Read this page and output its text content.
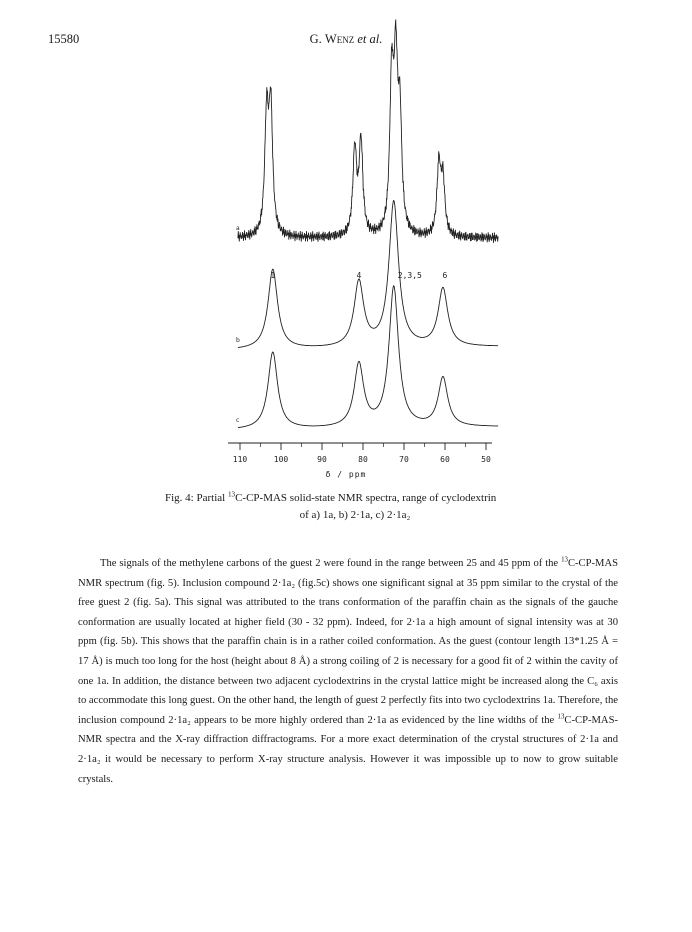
15580	G. Wenz et al.
a
b
c
1	4	2,3,5	6
110	100	90	80	70	60	50
δ / ppm
Fig. 4: Partial $^{13}$C-CP-MAS solid-state NMR spectra, range of cyclodextrin
of a) 1a, b) 2·1a, c) 2·1a₂
The signals of the methylene carbons of the guest 2 were found in the range between 25 and 45 ppm of the $^{13}$C-CP-MAS NMR spectrum (fig. 5). Inclusion compound 2·1a₂ (fig.5c) shows one significant signal at 35 ppm similar to the crystal of the free guest 2 (fig. 5a). This signal was attributed to the trans conformation of the paraffin chain as the signals of the gauche conformation are usually located at higher field (30 - 32 ppm). Indeed, for 2·1a a high amount of signal intensity was at 30 ppm (fig. 5b). This shows that the paraffin chain is in a rather coiled conformation. As the guest (contour length 13*1.25 Å = 17 Å) is much too long for the host (height about 8 Å) a strong coiling of 2 is necessary for a good fit of 2 within the cavity of one 1a. In addition, the distance between two adjacent cyclodextrins in the crystal lattice might be increased along the C₆ axis to accommodate this long guest. On the other hand, the length of guest 2 perfectly fits into two cyclodextrins 1a. Therefore, the inclusion compound 2·1a₂ appears to be more highly ordered than 2·1a as evidenced by the line widths of the $^{13}$C-CP-MAS-NMR spectra and the X-ray diffraction diffractograms. For a more exact determination of the crystal structures of 2·1a and 2·1a₂ it would be necessary to perform X-ray structure analysis. However it was impossible up to now to grow suitable crystals.
